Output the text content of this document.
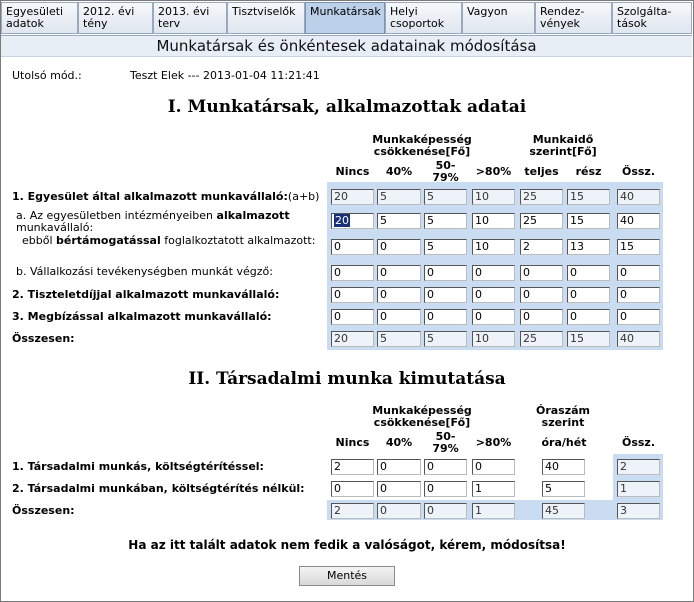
Egyesületi adatok
2012. évi tény
2013. évi terv
Tisztviselők	Munkatársak Helyi csoportok
Vagyon	Rendez-vények
Szolgálta-tások
Munkatársak és önkéntesek adatainak módosítása
Utolsó mód.:	Teszt Elek --- 2013-01-04 11:21:41
I. Munkatársak, alkalmazottak adatai
Munkaképesség csökkenése[Fő]
Munkaidő szerint[Fő]
Nincs	40%	50-79%	>80%	teljes	rész	Össz.
1. Egyesület által alkalmazott munkavállaló:(a+b) 20	5	5	10	25	15	40
a. Az egyesületben intézményeiben alkalmazott munkavállaló:
20	5	5	10	25	15	40
ebből bértámogatással foglalkoztatott alkalmazott:	0	0	5	10	2	13	15
b. Vállalkozási tevékenységben munkát végző:	0	0	0	0	0	0	0
2. Tiszteletdíjjal alkalmazott munkavállaló:	0	0	0	0	0	0	0
3. Megbízással alkalmazott munkavállaló:	0	0	0	0	0	0	0
Összesen:	20	5	5	10	25	15	40
II. Társadalmi munka kimutatása
Munkaképesség csökkenése[Fő]
Óraszám szerint
Nincs	40%	50-79%	>80%	óra/hét	Össz.
1. Társadalmi munkás, költségtérítéssel:	2	0	0	0	40	2
2. Társadalmi munkában, költségtérítés nélkül:	0	0	0	1	5	1
Összesen:	2	0	0	1	45	3
Ha az itt talált adatok nem fedik a valóságot, kérem, módosítsa!
Mentés
